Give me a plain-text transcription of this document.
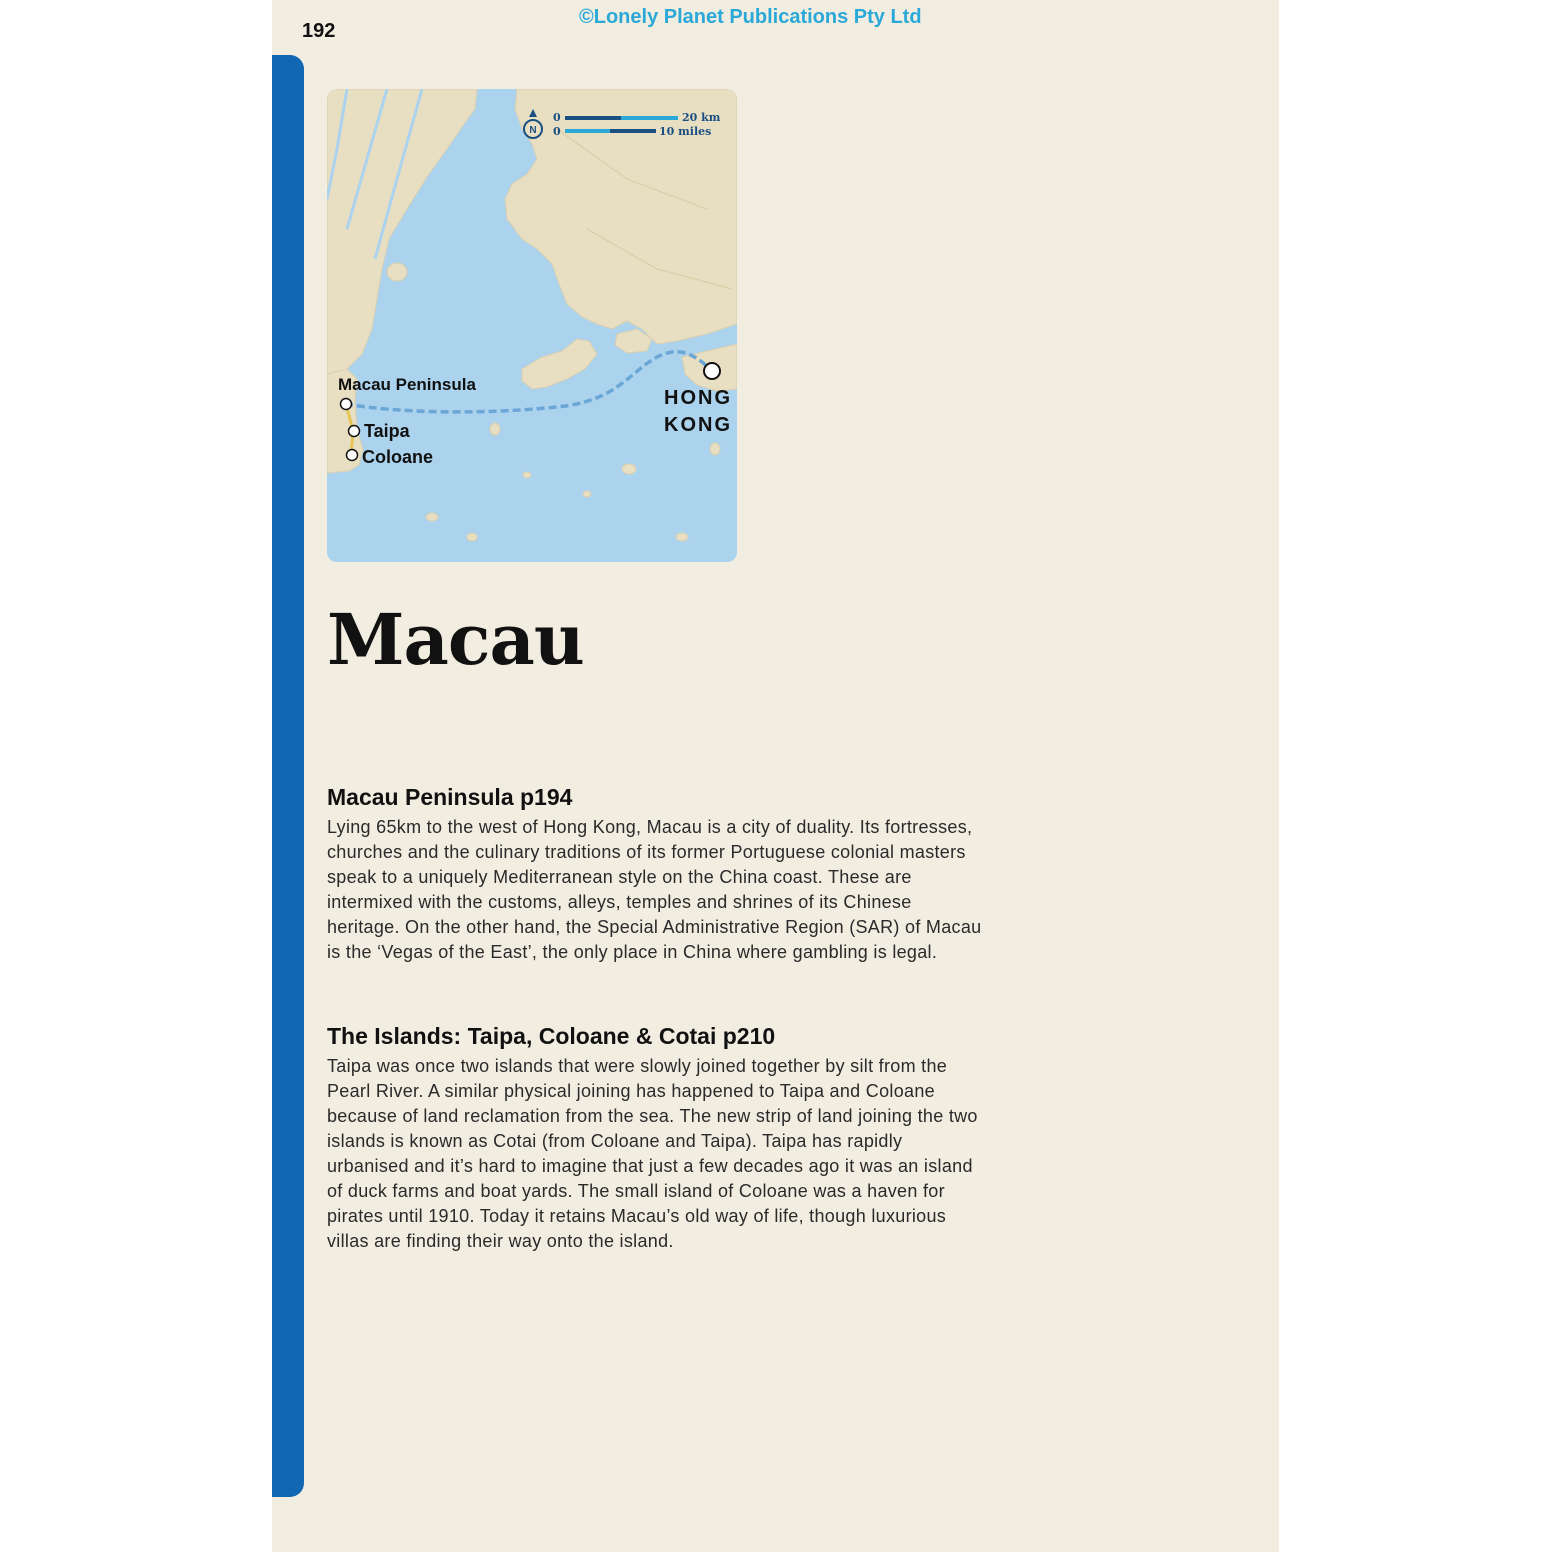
192
©Lonely Planet Publications Pty Ltd
N
0	20 km
0	10 miles
Macau Peninsula
Taipa
Coloane
HONG
KONG
Macau
Macau Peninsula p194

Lying 65km to the west of Hong Kong, Macau is a city of duality. Its fortresses, churches and the culinary traditions of its former Portuguese colonial masters speak to a uniquely Mediterranean style on the China coast. These are intermixed with the customs, alleys, temples and shrines of its Chinese heritage. On the other hand, the Special Administrative Region (SAR) of Macau is the ‘Vegas of the East’, the only place in China where gambling is legal.

The Islands: Taipa, Coloane & Cotai p210

Taipa was once two islands that were slowly joined together by silt from the Pearl River. A similar physical joining has happened to Taipa and Coloane because of land reclamation from the sea. The new strip of land joining the two islands is known as Cotai (from Coloane and Taipa). Taipa has rapidly urbanised and it’s hard to imagine that just a few decades ago it was an island of duck farms and boat yards. The small island of Coloane was a haven for pirates until 1910. Today it retains Macau’s old way of life, though luxurious villas are finding their way onto the island.
